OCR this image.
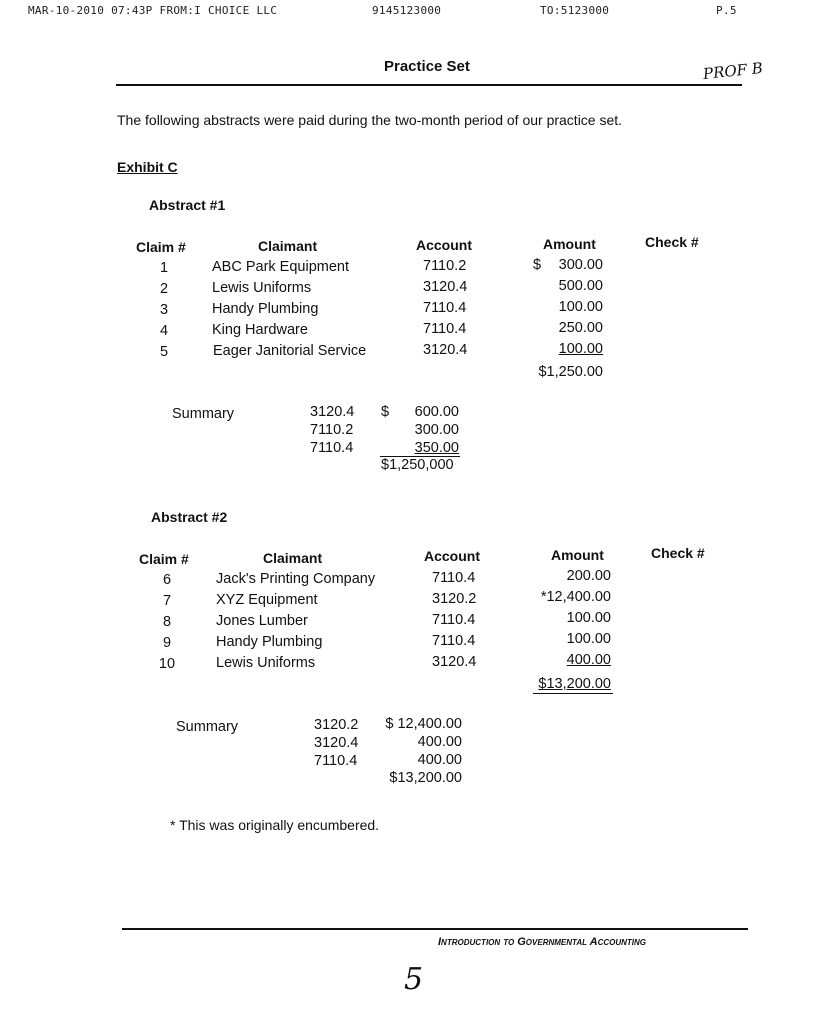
MAR-10-2010 07:43P FROM:I CHOICE LLC	9145123000	TO:5123000	P.5
Practice Set	PROF B
The following abstracts were paid during the two-month period of our practice set.
Exhibit C
Abstract #1
Claim #	Claimant	Account	Amount	Check #
1	ABC Park Equipment	7110.2	$	300.00
2	Lewis Uniforms	3120.4	500.00
3	Handy Plumbing	7110.4	100.00
4	King Hardware	7110.4	250.00
5	Eager Janitorial Service	3120.4	100.00
$1,250.00
Summary	3120.4 $	600.00
7110.2	300.00
7110.4	350.00
$1,250,000
Abstract #2
Claim #	Claimant	Account	Amount	Check #
6	Jack's Printing Company	7110.4	200.00
7	XYZ Equipment	3120.2	*12,400.00
8	Jones Lumber	7110.4	100.00
9	Handy Plumbing	7110.4	100.00
10	Lewis Uniforms	3120.4	400.00
$13,200.00
Summary	3120.2	$ 12,400.00
3120.4	400.00
7110.4	400.00
$13,200.00
* This was originally encumbered.
Introduction to Governmental Accounting
5
